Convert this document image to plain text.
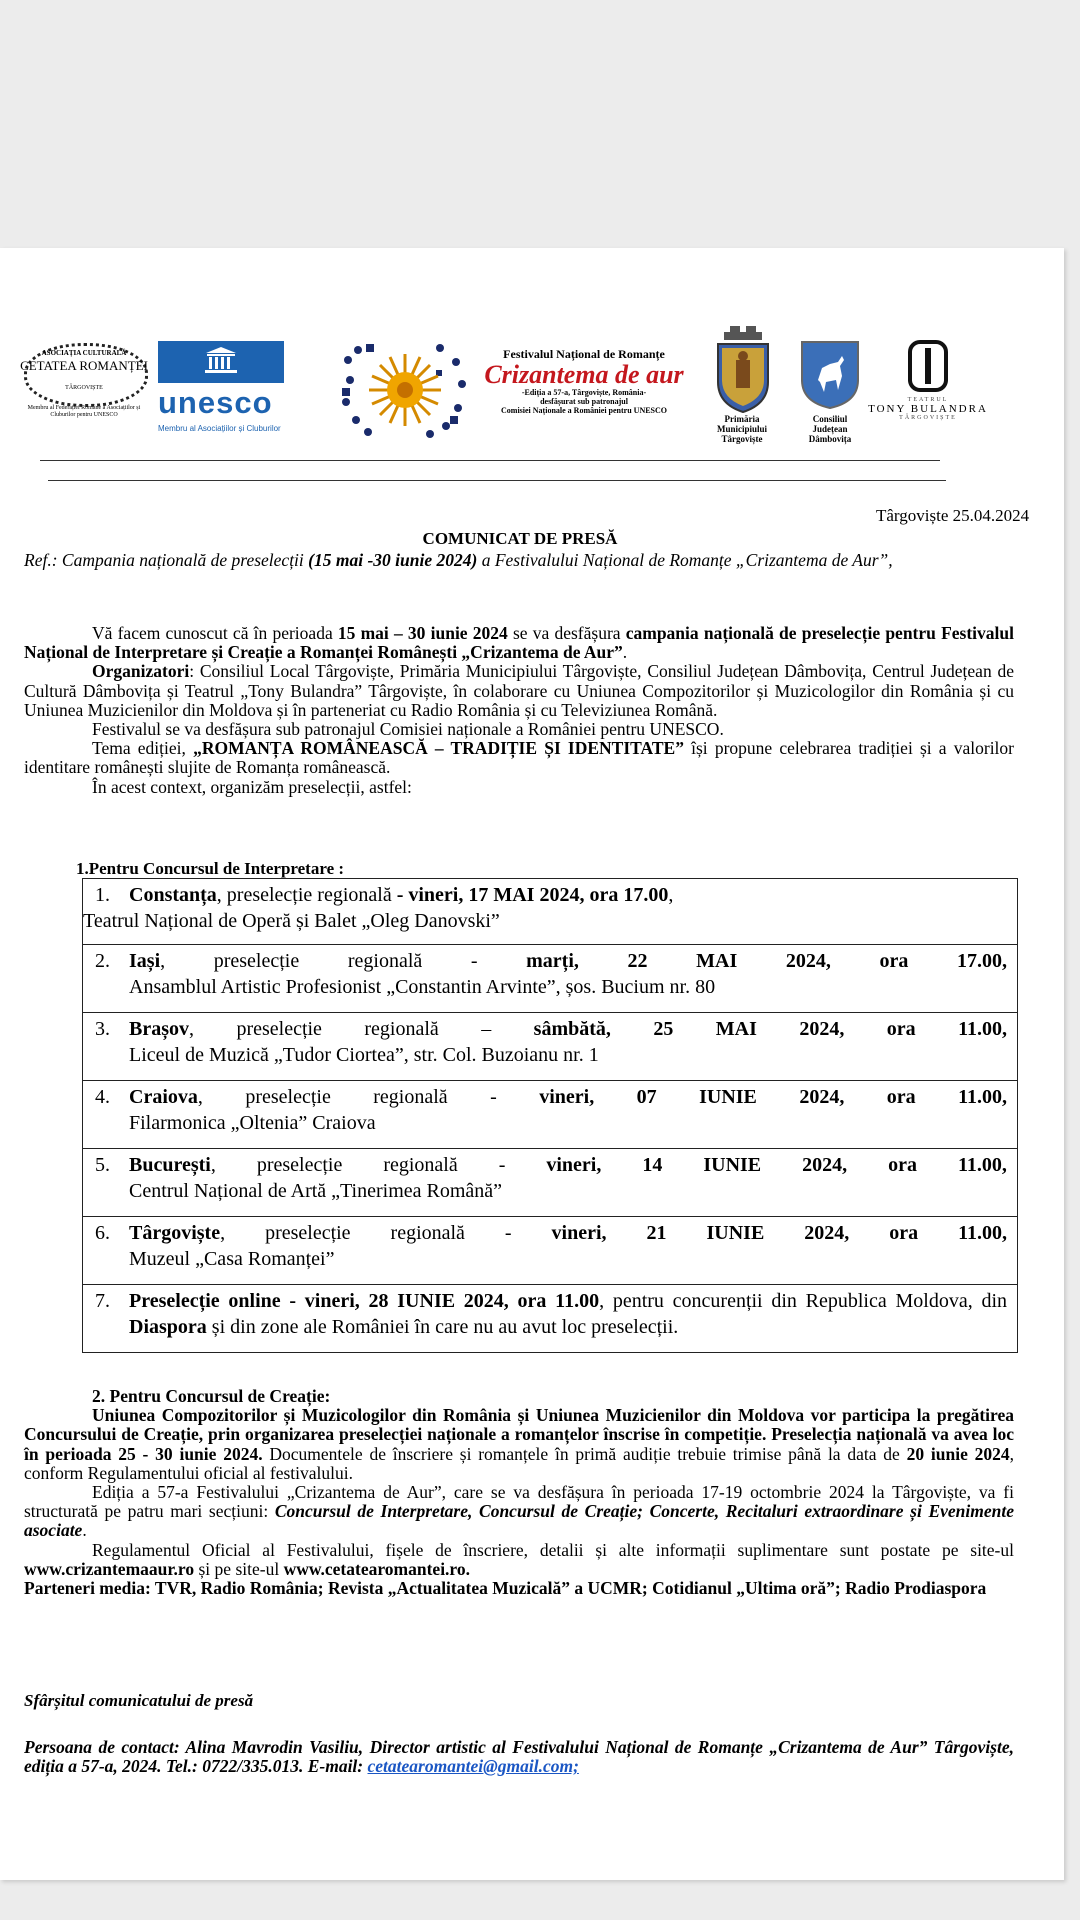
ASOCIAȚIA CULTURALĂ
CETATEA ROMANȚEI
TÂRGOVIȘTE
Membru al Federației Române a Asociațiilor și Cluburilor pentru UNESCO	unesco
Membru al Asociațiilor și Cluburilor
Festivalul Național de Romanțe
Crizantema de aur
-Ediția a 57-a, Târgoviște, România-
desfășurat sub patronajul
Comisiei Naționale a României pentru UNESCO
Primăria
Municipiului
Târgoviște
Consiliul
Județean
Dâmbovița
TEATRUL
TONY BULANDRA
TÂRGOVIȘTE
Târgoviște 25.04.2024
COMUNICAT DE PRESĂ
Ref.: Campania națională de preselecții (15 mai -30 iunie 2024) a Festivalului Național de Romanțe „Crizantema de Aur”,
Vă facem cunoscut că în perioada 15 mai – 30 iunie 2024 se va desfășura campania națională de preselecție pentru Festivalul Național de Interpretare și Creație a Romanței Românești „Crizantema de Aur”.
Organizatori: Consiliul Local Târgoviște, Primăria Municipiului Târgoviște, Consiliul Județean Dâmbovița, Centrul Județean de Cultură Dâmbovița și Teatrul „Tony Bulandra” Târgoviște, în colaborare cu Uniunea Compozitorilor și Muzicologilor din România și cu Uniunea Muzicienilor din Moldova și în parteneriat cu Radio România și cu Televiziunea Română.
Festivalul se va desfășura sub patronajul Comisiei naționale a României pentru UNESCO.
Tema ediției, „ROMANȚA ROMÂNEASCĂ – TRADIȚIE ȘI IDENTITATE” își propune celebrarea tradiției și a valorilor identitare românești slujite de Romanța românească.
În acest context, organizăm preselecții, astfel:
1.Pentru Concursul de Interpretare :
1. Constanța, preselecție regională - vineri, 17 MAI 2024, ora 17.00,
Teatrul Național de Operă și Balet „Oleg Danovski”

2. Iași, preselecție regională - marți, 22 MAI 2024, ora 17.00,
Ansamblul Artistic Profesionist „Constantin Arvinte”, șos. Bucium nr. 80

3. Brașov, preselecție regională – sâmbătă, 25 MAI 2024, ora 11.00,
Liceul de Muzică „Tudor Ciortea”, str. Col. Buzoianu nr. 1

4. Craiova, preselecție regională - vineri, 07 IUNIE 2024, ora 11.00,
Filarmonica „Oltenia” Craiova

5. București, preselecție regională - vineri, 14 IUNIE 2024, ora 11.00,
Centrul Național de Artă „Tinerimea Română”

6. Târgoviște, preselecție regională - vineri, 21 IUNIE 2024, ora 11.00,
Muzeul „Casa Romanței”

7. Preselecție online - vineri, 28 IUNIE 2024, ora 11.00, pentru concurenții din Republica Moldova, din Diaspora și din zone ale României în care nu au avut loc preselecții.
2. Pentru Concursul de Creație:
Uniunea Compozitorilor și Muzicologilor din România și Uniunea Muzicienilor din Moldova vor participa la pregătirea Concursului de Creație, prin organizarea preselecției naționale a romanțelor înscrise în competiție. Preselecția națională va avea loc în perioada 25 - 30 iunie 2024. Documentele de înscriere și romanțele în primă audiție trebuie trimise până la data de 20 iunie 2024, conform Regulamentului oficial al festivalului.
Ediția a 57-a Festivalului „Crizantema de Aur”, care se va desfășura în perioada 17-19 octombrie 2024 la Târgoviște, va fi structurată pe patru mari secțiuni: Concursul de Interpretare, Concursul de Creație; Concerte, Recitaluri extraordinare și Evenimente asociate.
Regulamentul Oficial al Festivalului, fișele de înscriere, detalii și alte informații suplimentare sunt postate pe site-ul www.crizantemaaur.ro și pe site-ul www.cetatearomantei.ro.
Parteneri media: TVR, Radio România; Revista „Actualitatea Muzicală” a UCMR; Cotidianul „Ultima oră”; Radio Prodiaspora
Sfârșitul comunicatului de presă
Persoana de contact: Alina Mavrodin Vasiliu, Director artistic al Festivalului Național de Romanțe „Crizantema de Aur” Târgoviște, ediția a 57-a, 2024. Tel.: 0722/335.013. E-mail: cetatearomantei@gmail.com;
